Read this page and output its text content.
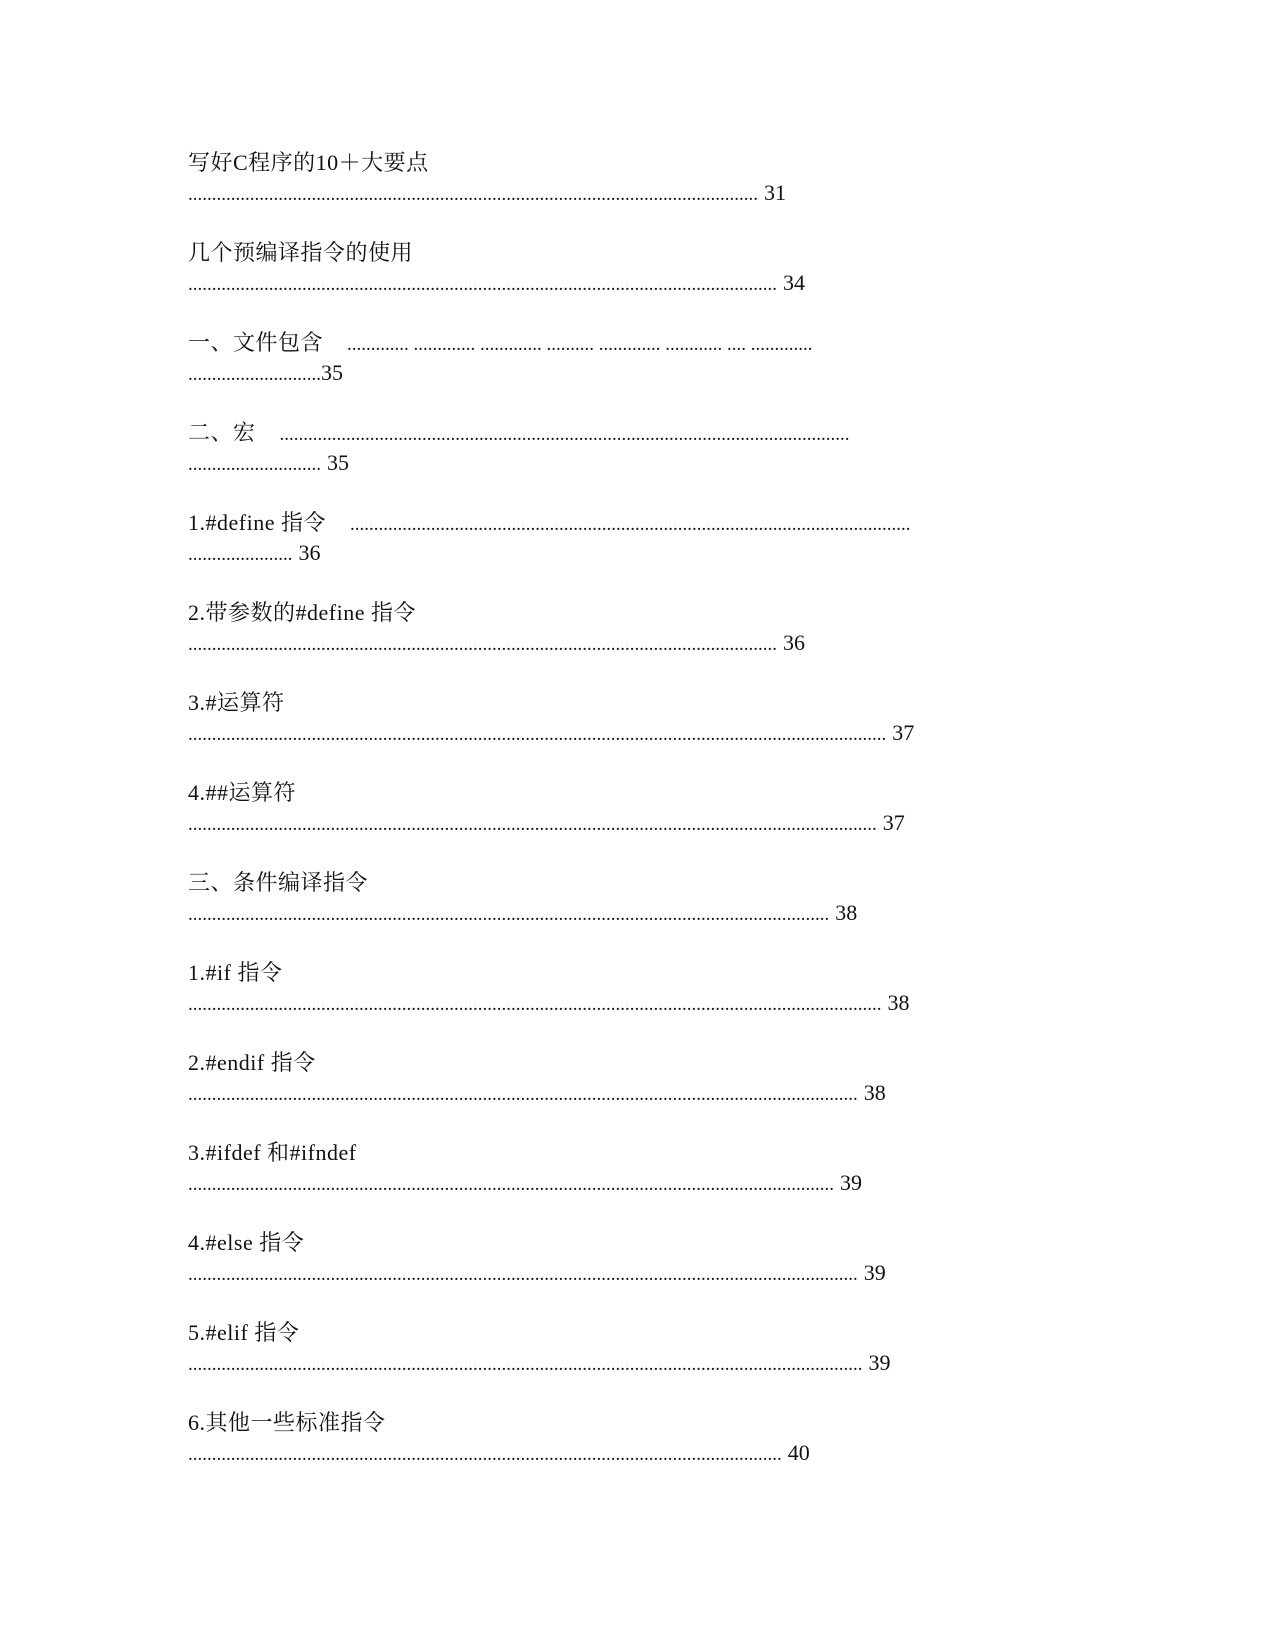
写好C程序的10＋大要点
........................................................................................................................ 31
几个预编译指令的使用
............................................................................................................................ 34
一、文件包含 ............. ............. ............. .......... ............. ............ .... .............
............................35
二、宏 ........................................................................................................................
............................ 35
1.#define 指令 ......................................................................................................................
...................... 36
2.带参数的#define 指令
............................................................................................................................ 36
3.#运算符
................................................................................................................................................... 37
4.##运算符
................................................................................................................................................. 37
三、条件编译指令
....................................................................................................................................... 38
1.#if 指令
.................................................................................................................................................. 38
2.#endif 指令
............................................................................................................................................. 38
3.#ifdef 和#ifndef
........................................................................................................................................ 39
4.#else 指令
............................................................................................................................................. 39
5.#elif 指令
.............................................................................................................................................. 39
6.其他一些标准指令
............................................................................................................................. 40
